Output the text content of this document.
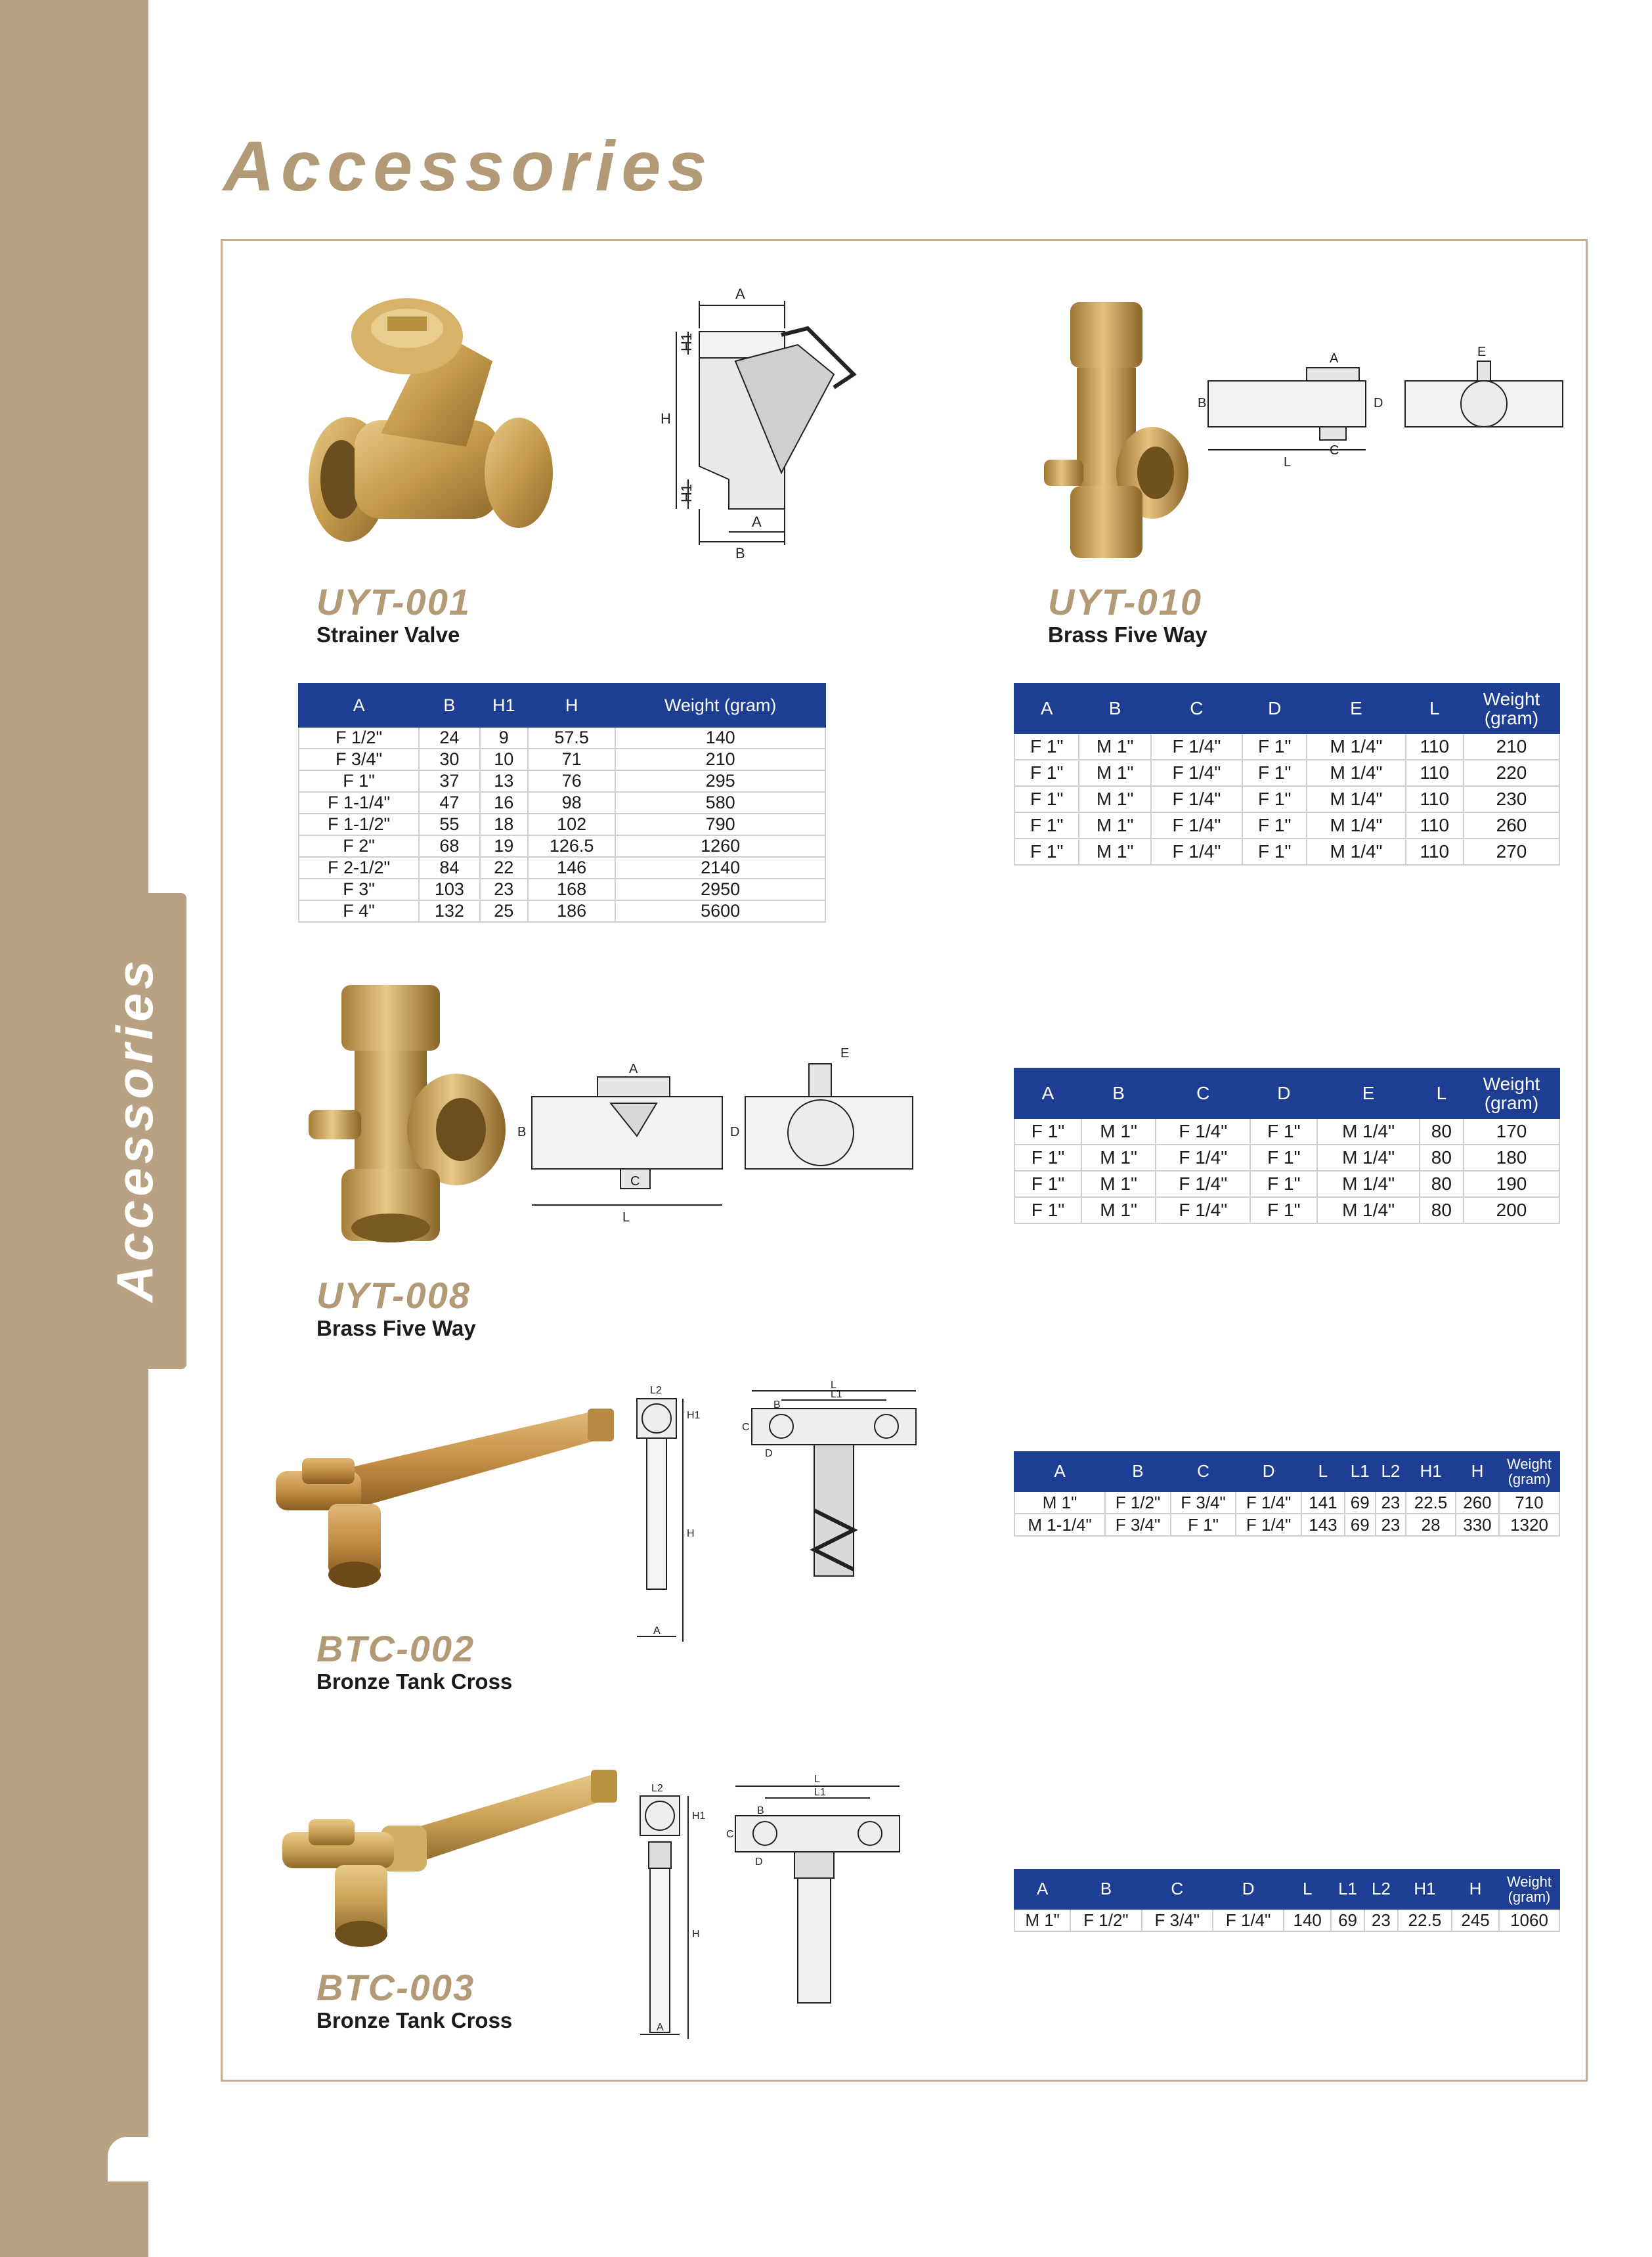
Accessories
Accessories
A
H
H1
H1
A
B
UYT-001
Strainer Valve
A	B	H1	H	Weight (gram)
F 1/2"	24	9	57.5	140
F 3/4"	30	10	71	210
F 1"	37	13	76	295
F 1-1/4"	47	16	98	580
F 1-1/2"	55	18	102	790
F 2"	68	19	126.5	1260
F 2-1/2"	84	22	146	2140
F 3"	103	23	168	2950
F 4"	132	25	186	5600
A
B
C
D
E
L
UYT-010
Brass Five Way
A	B	C	D	E	L	Weight (gram)
F 1"	M 1"	F 1/4"	F 1"	M 1/4"	110	210
F 1"	M 1"	F 1/4"	F 1"	M 1/4"	110	220
F 1"	M 1"	F 1/4"	F 1"	M 1/4"	110	230
F 1"	M 1"	F 1/4"	F 1"	M 1/4"	110	260
F 1"	M 1"	F 1/4"	F 1"	M 1/4"	110	270
A
B
C
D
E
L
UYT-008
Brass Five Way
A	B	C	D	E	L	Weight (gram)
F 1"	M 1"	F 1/4"	F 1"	M 1/4"	80	170
F 1"	M 1"	F 1/4"	F 1"	M 1/4"	80	180
F 1"	M 1"	F 1/4"	F 1"	M 1/4"	80	190
F 1"	M 1"	F 1/4"	F 1"	M 1/4"	80	200
L2
H1
H
A
L
L1
B
C
D
BTC-002
Bronze Tank Cross
A	B	C	D	L	L1	L2	H1	H	Weight (gram)
M 1"	F 1/2"	F 3/4"	F 1/4"	141	69	23	22.5	260	710
M 1-1/4"	F 3/4"	F 1"	F 1/4"	143	69	23	28	330	1320
L2
H1
H
A
L
L1
B
C
D
BTC-003
Bronze Tank Cross
A	B	C	D	L	L1	L2	H1	H	Weight (gram)
M 1"	F 1/2"	F 3/4"	F 1/4"	140	69	23	22.5	245	1060
